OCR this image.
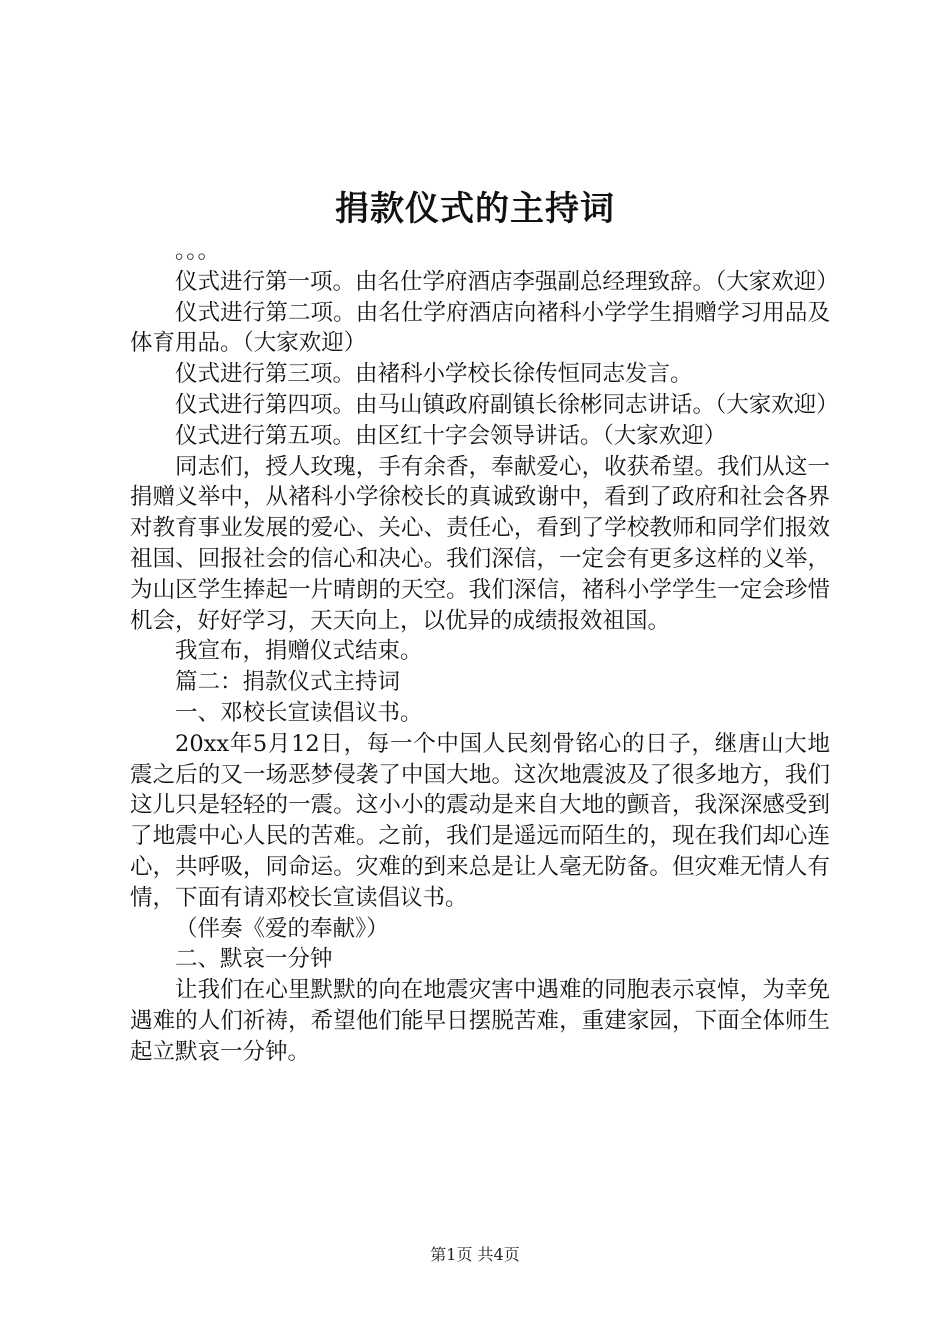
捐款仪式的主持词

。。。

仪式进行第一项。由名仕学府酒店李强副总经理致辞。（大家欢迎）

仪式进行第二项。由名仕学府酒店向褚科小学学生捐赠学习用品及体育用品。（大家欢迎）

仪式进行第三项。由褚科小学校长徐传恒同志发言。

仪式进行第四项。由马山镇政府副镇长徐彬同志讲话。（大家欢迎）

仪式进行第五项。由区红十字会领导讲话。（大家欢迎）

同志们，授人玫瑰，手有余香，奉献爱心，收获希望。我们从这一捐赠义举中，从褚科小学徐校长的真诚致谢中，看到了政府和社会各界对教育事业发展的爱心、关心、责任心，看到了学校教师和同学们报效祖国、回报社会的信心和决心。我们深信，一定会有更多这样的义举，为山区学生捧起一片晴朗的天空。我们深信，褚科小学学生一定会珍惜机会，好好学习，天天向上，以优异的成绩报效祖国。

我宣布，捐赠仪式结束。

篇二：捐款仪式主持词

一、邓校长宣读倡议书。

20xx年5月12日，每一个中国人民刻骨铭心的日子，继唐山大地震之后的又一场恶梦侵袭了中国大地。这次地震波及了很多地方，我们这儿只是轻轻的一震。这小小的震动是来自大地的颤音，我深深感受到了地震中心人民的苦难。之前，我们是遥远而陌生的，现在我们却心连心，共呼吸，同命运。灾难的到来总是让人毫无防备。但灾难无情人有情，下面有请邓校长宣读倡议书。

（伴奏《爱的奉献》）

二、默哀一分钟

让我们在心里默默的向在地震灾害中遇难的同胞表示哀悼，为幸免遇难的人们祈祷，希望他们能早日摆脱苦难，重建家园，下面全体师生起立默哀一分钟。

第1页 共4页
